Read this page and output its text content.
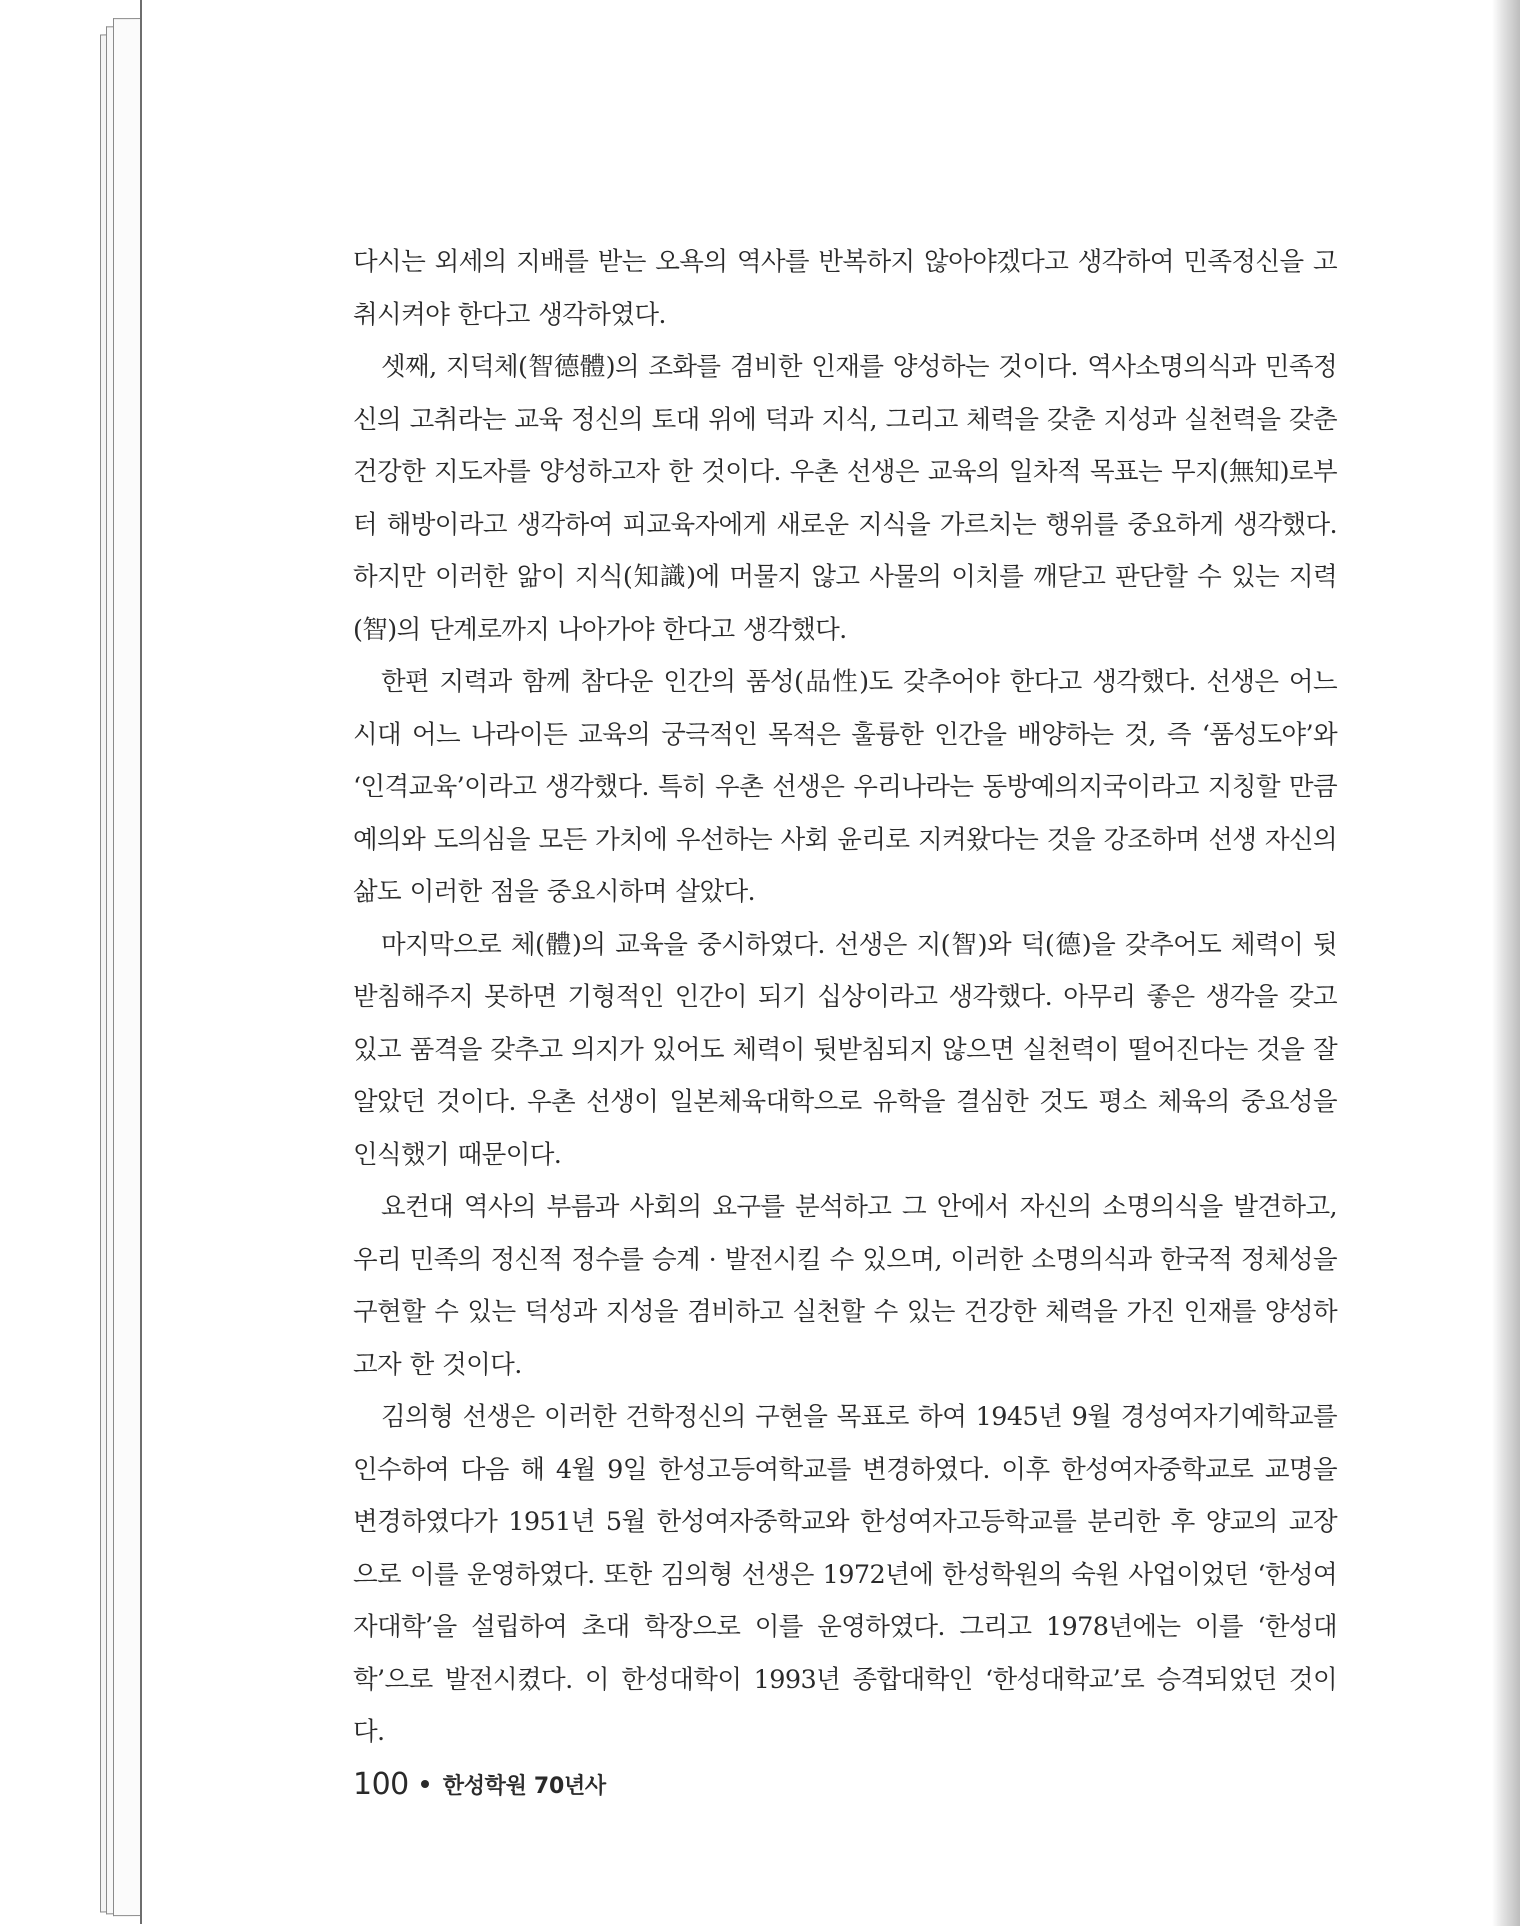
다시는 외세의 지배를 받는 오욕의 역사를 반복하지 않아야겠다고 생각하여 민족정신을 고취시켜야 한다고 생각하였다.

셋째, 지덕체(智德體)의 조화를 겸비한 인재를 양성하는 것이다. 역사소명의식과 민족정신의 고취라는 교육 정신의 토대 위에 덕과 지식, 그리고 체력을 갖춘 지성과 실천력을 갖춘 건강한 지도자를 양성하고자 한 것이다. 우촌 선생은 교육의 일차적 목표는 무지(無知)로부터 해방이라고 생각하여 피교육자에게 새로운 지식을 가르치는 행위를 중요하게 생각했다. 하지만 이러한 앎이 지식(知識)에 머물지 않고 사물의 이치를 깨닫고 판단할 수 있는 지력(智)의 단계로까지 나아가야 한다고 생각했다.

한편 지력과 함께 참다운 인간의 품성(品性)도 갖추어야 한다고 생각했다. 선생은 어느 시대 어느 나라이든 교육의 궁극적인 목적은 훌륭한 인간을 배양하는 것, 즉 ‘품성도야’와 ‘인격교육’이라고 생각했다. 특히 우촌 선생은 우리나라는 동방예의지국이라고 지칭할 만큼 예의와 도의심을 모든 가치에 우선하는 사회 윤리로 지켜왔다는 것을 강조하며 선생 자신의 삶도 이러한 점을 중요시하며 살았다.

마지막으로 체(體)의 교육을 중시하였다. 선생은 지(智)와 덕(德)을 갖추어도 체력이 뒷받침해주지 못하면 기형적인 인간이 되기 십상이라고 생각했다. 아무리 좋은 생각을 갖고 있고 품격을 갖추고 의지가 있어도 체력이 뒷받침되지 않으면 실천력이 떨어진다는 것을 잘 알았던 것이다. 우촌 선생이 일본체육대학으로 유학을 결심한 것도 평소 체육의 중요성을 인식했기 때문이다.

요컨대 역사의 부름과 사회의 요구를 분석하고 그 안에서 자신의 소명의식을 발견하고, 우리 민족의 정신적 정수를 승계 · 발전시킬 수 있으며, 이러한 소명의식과 한국적 정체성을 구현할 수 있는 덕성과 지성을 겸비하고 실천할 수 있는 건강한 체력을 가진 인재를 양성하고자 한 것이다.

김의형 선생은 이러한 건학정신의 구현을 목표로 하여 1945년 9월 경성여자기예학교를 인수하여 다음 해 4월 9일 한성고등여학교를 변경하였다. 이후 한성여자중학교로 교명을 변경하였다가 1951년 5월 한성여자중학교와 한성여자고등학교를 분리한 후 양교의 교장으로 이를 운영하였다. 또한 김의형 선생은 1972년에 한성학원의 숙원 사업이었던 ‘한성여자대학’을 설립하여 초대 학장으로 이를 운영하였다. 그리고 1978년에는 이를 ‘한성대학’으로 발전시켰다. 이 한성대학이 1993년 종합대학인 ‘한성대학교’로 승격되었던 것이다.

100 한성학원 70년사
